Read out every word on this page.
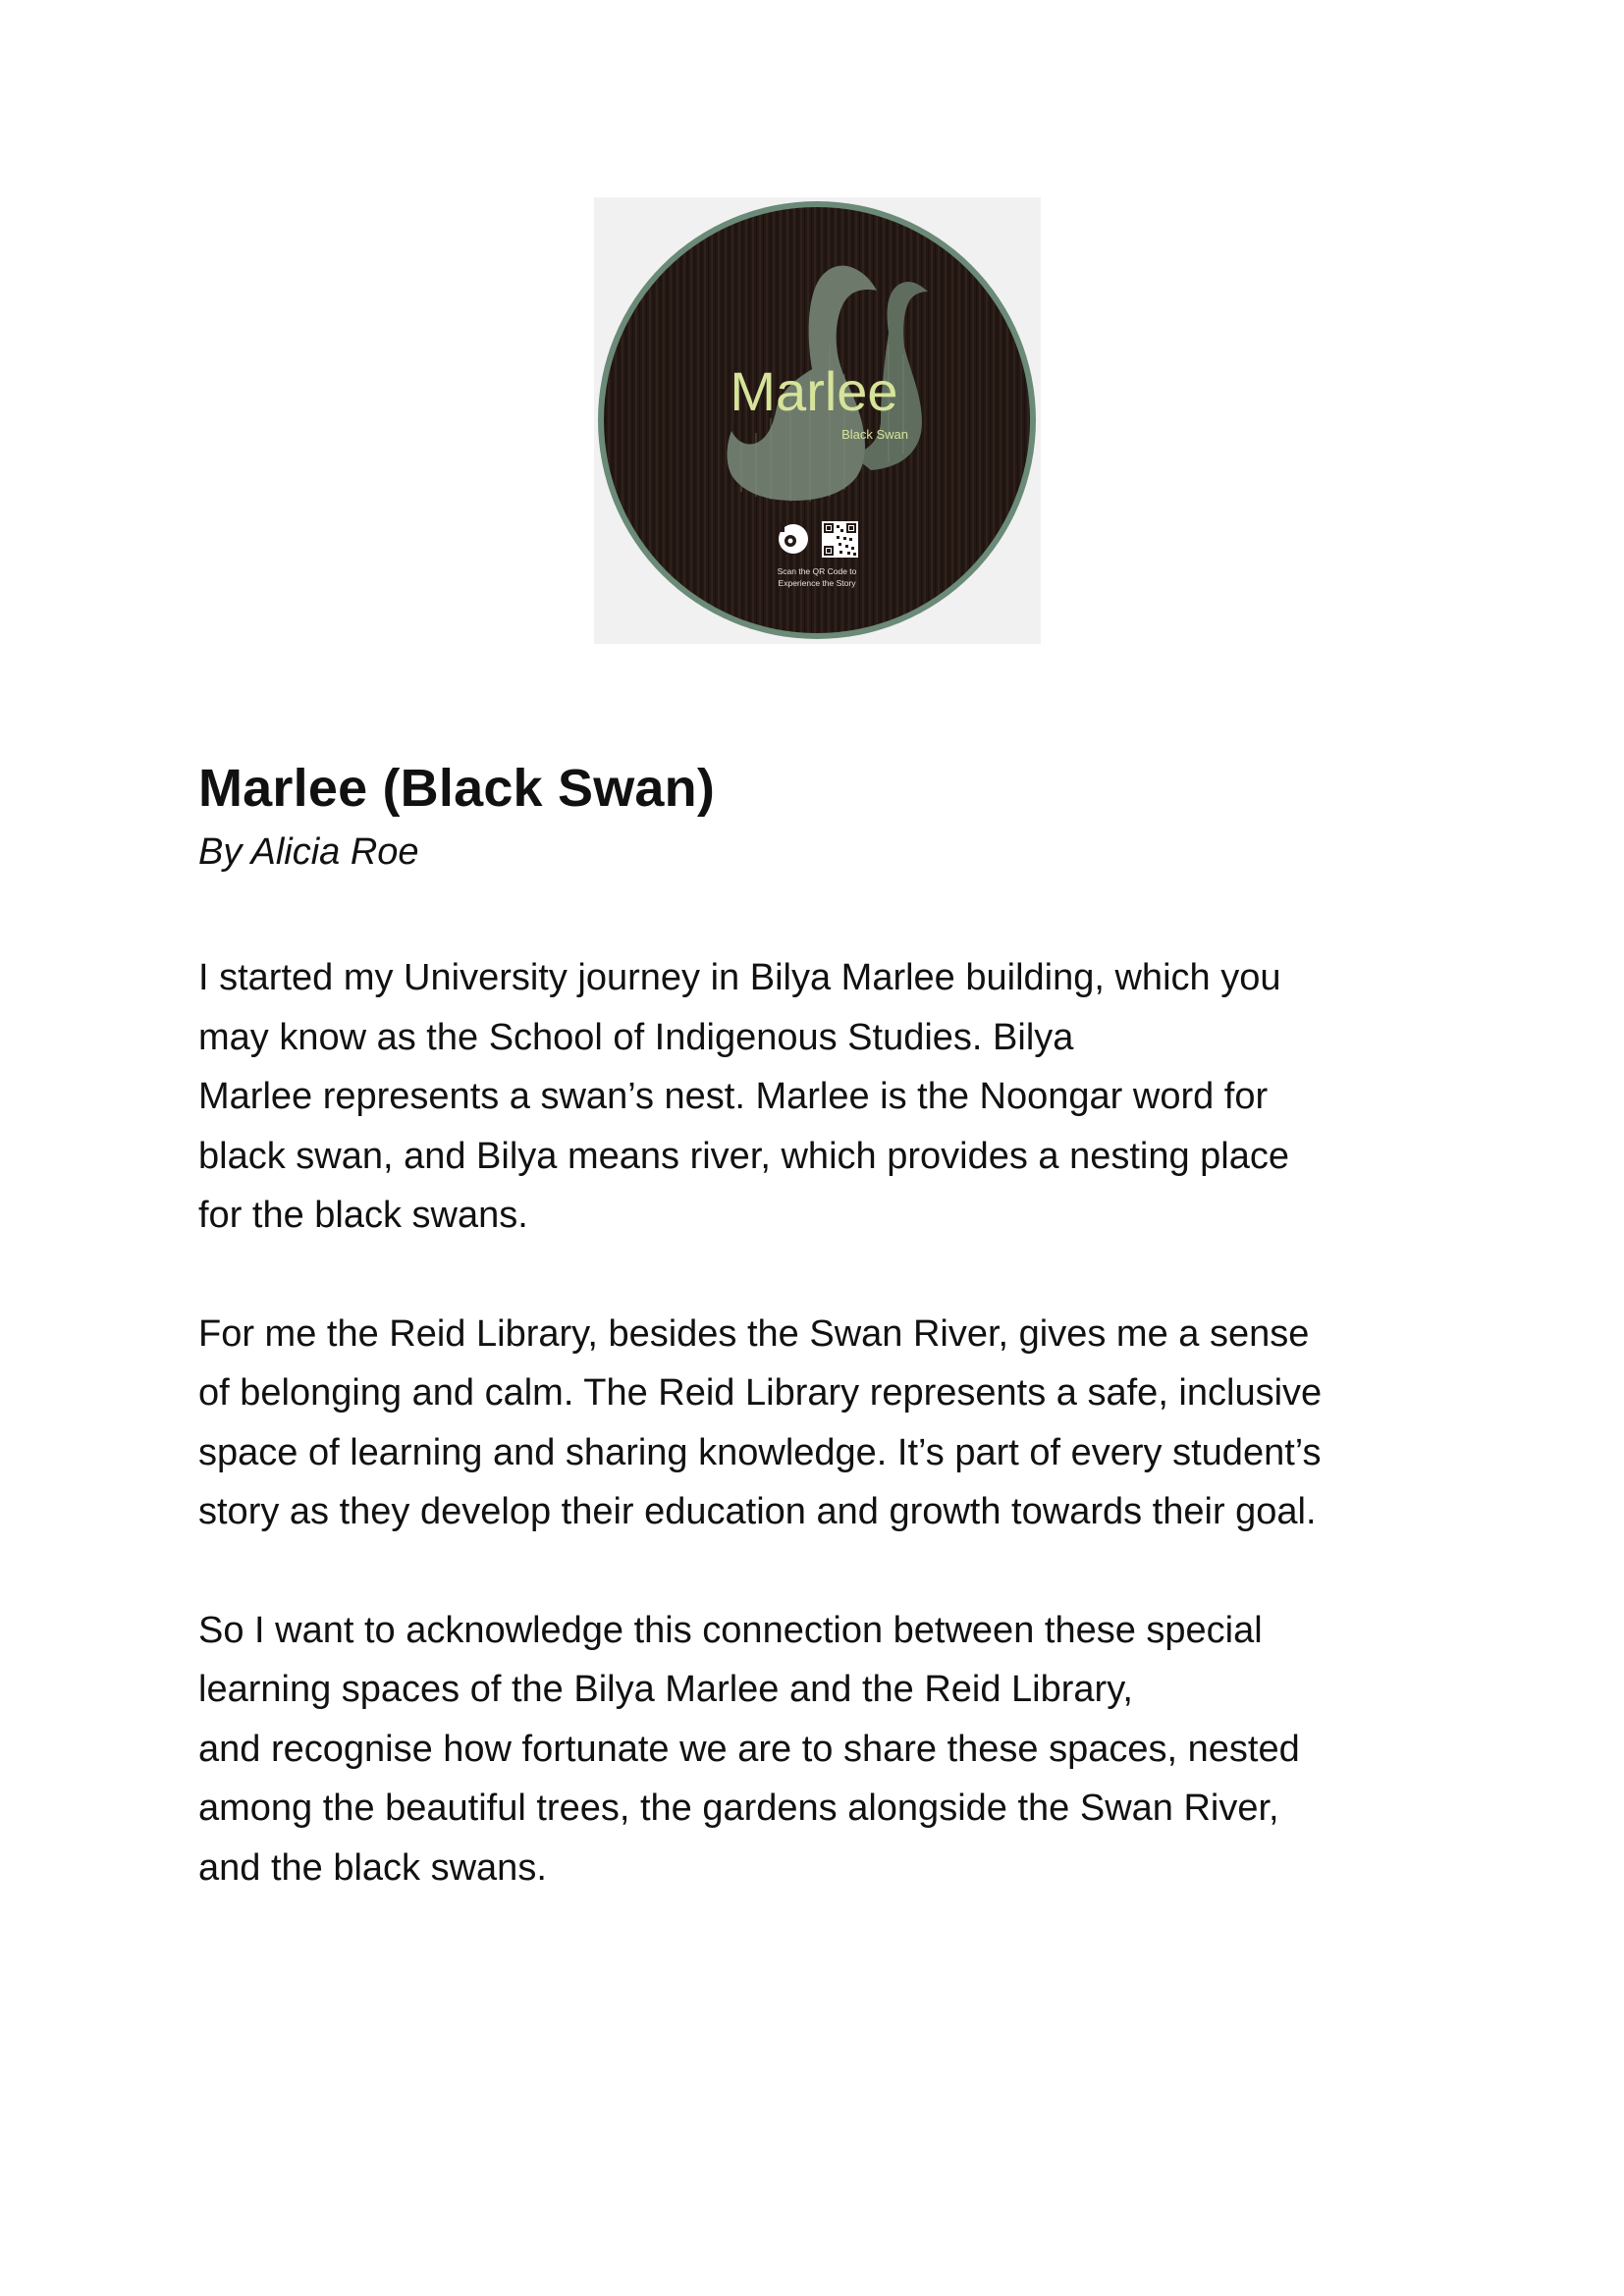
Marlee
Black Swan
Scan the QR Code to
Experience the Story
Marlee (Black Swan)

By Alicia Roe

I started my University journey in Bilya Marlee building, which you
may know as the School of Indigenous Studies. Bilya
Marlee represents a swan’s nest. Marlee is the Noongar word for
black swan, and Bilya means river, which provides a nesting place
for the black swans.

For me the Reid Library, besides the Swan River, gives me a sense
of belonging and calm. The Reid Library represents a safe, inclusive
space of learning and sharing knowledge. It’s part of every student’s
story as they develop their education and growth towards their goal.

So I want to acknowledge this connection between these special
learning spaces of the Bilya Marlee and the Reid Library,
and recognise how fortunate we are to share these spaces, nested
among the beautiful trees, the gardens alongside the Swan River,
and the black swans.
